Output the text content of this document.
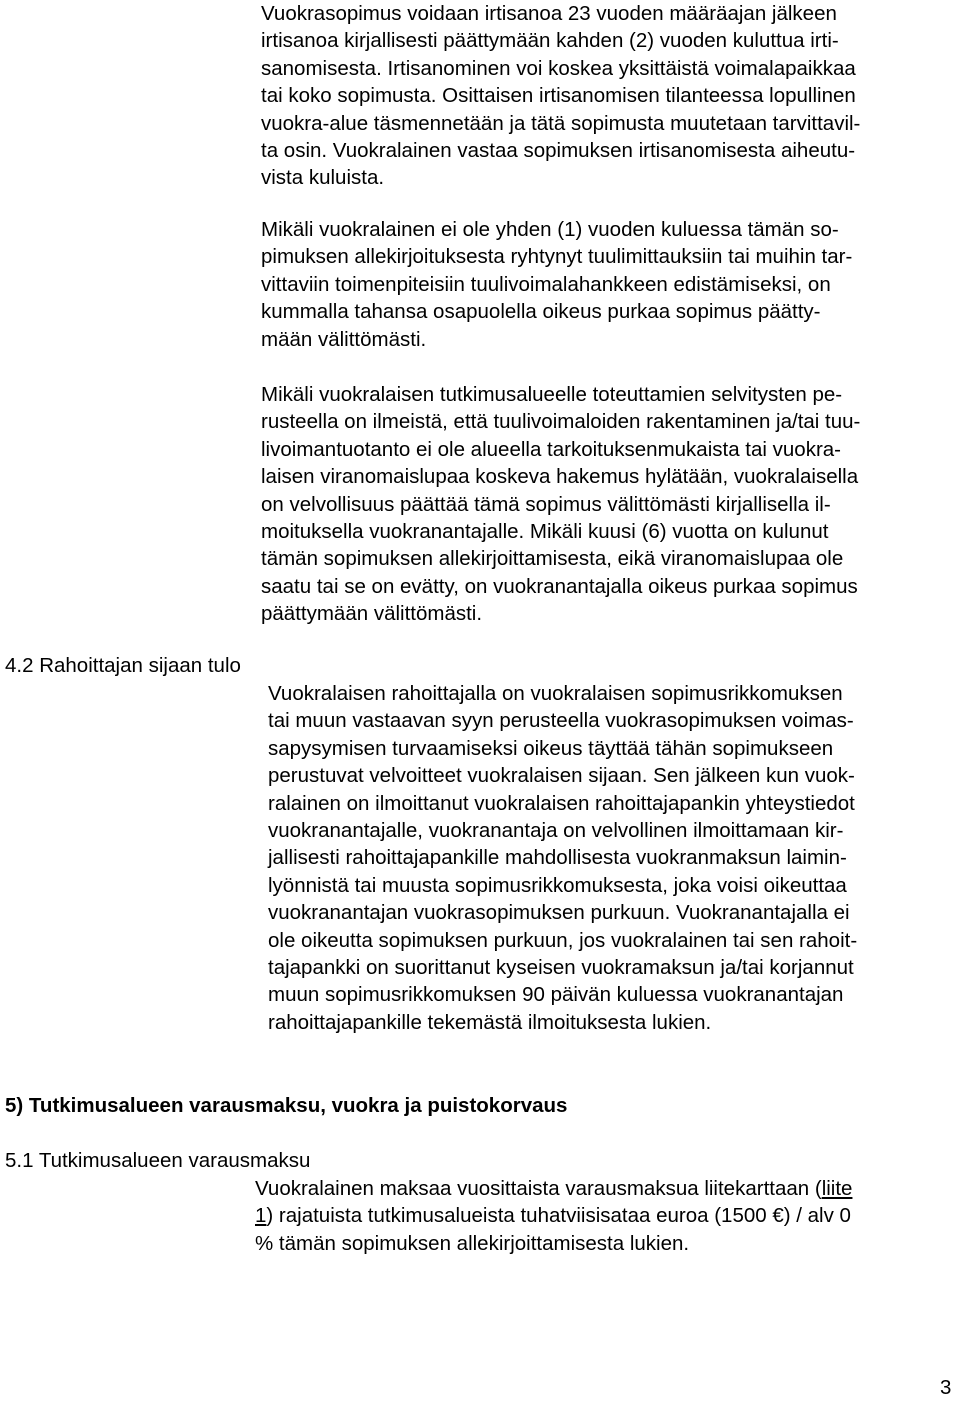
Vuokrasopimus voidaan irtisanoa 23 vuoden määräajan jälkeen
irtisanoa kirjallisesti päättymään kahden (2) vuoden kuluttua irti-
sanomisesta. Irtisanominen voi koskea yksittäistä voimalapaikkaa
tai koko sopimusta. Osittaisen irtisanomisen tilanteessa lopullinen
vuokra-alue täsmennetään ja tätä sopimusta muutetaan tarvittavil-
ta osin. Vuokralainen vastaa sopimuksen irtisanomisesta aiheutu-
vista kuluista.
Mikäli vuokralainen ei ole yhden (1) vuoden kuluessa tämän so-
pimuksen allekirjoituksesta ryhtynyt tuulimittauksiin tai muihin tar-
vittaviin toimenpiteisiin tuulivoimalahankkeen edistämiseksi, on
kummalla tahansa osapuolella oikeus purkaa sopimus päätty-
mään välittömästi.
Mikäli vuokralaisen tutkimusalueelle toteuttamien selvitysten pe-
rusteella on ilmeistä, että tuulivoimaloiden rakentaminen ja/tai tuu-
livoimantuotanto ei ole alueella tarkoituksenmukaista tai vuokra-
laisen viranomaislupaa koskeva hakemus hylätään, vuokralaisella
on velvollisuus päättää tämä sopimus välittömästi kirjallisella il-
moituksella vuokranantajalle. Mikäli kuusi (6) vuotta on kulunut
tämän sopimuksen allekirjoittamisesta, eikä viranomaislupaa ole
saatu tai se on evätty, on vuokranantajalla oikeus purkaa sopimus
päättymään välittömästi.
4.2 Rahoittajan sijaan tulo
Vuokralaisen rahoittajalla on vuokralaisen sopimusrikkomuksen
tai muun vastaavan syyn perusteella vuokrasopimuksen voimas-
sapysymisen turvaamiseksi oikeus täyttää tähän sopimukseen
perustuvat velvoitteet vuokralaisen sijaan. Sen jälkeen kun vuok-
ralainen on ilmoittanut vuokralaisen rahoittajapankin yhteystiedot
vuokranantajalle, vuokranantaja on velvollinen ilmoittamaan kir-
jallisesti rahoittajapankille mahdollisesta vuokranmaksun laimin-
lyönnistä tai muusta sopimusrikkomuksesta, joka voisi oikeuttaa
vuokranantajan vuokrasopimuksen purkuun. Vuokranantajalla ei
ole oikeutta sopimuksen purkuun, jos vuokralainen tai sen rahoit-
tajapankki on suorittanut kyseisen vuokramaksun ja/tai korjannut
muun sopimusrikkomuksen 90 päivän kuluessa vuokranantajan
rahoittajapankille tekemästä ilmoituksesta lukien.
5) Tutkimusalueen varausmaksu, vuokra ja puistokorvaus
5.1 Tutkimusalueen varausmaksu
Vuokralainen maksaa vuosittaista varausmaksua liitekarttaan (liite
1) rajatuista tutkimusalueista tuhatviisisataa euroa (1500 €) / alv 0
% tämän sopimuksen allekirjoittamisesta lukien.
3
